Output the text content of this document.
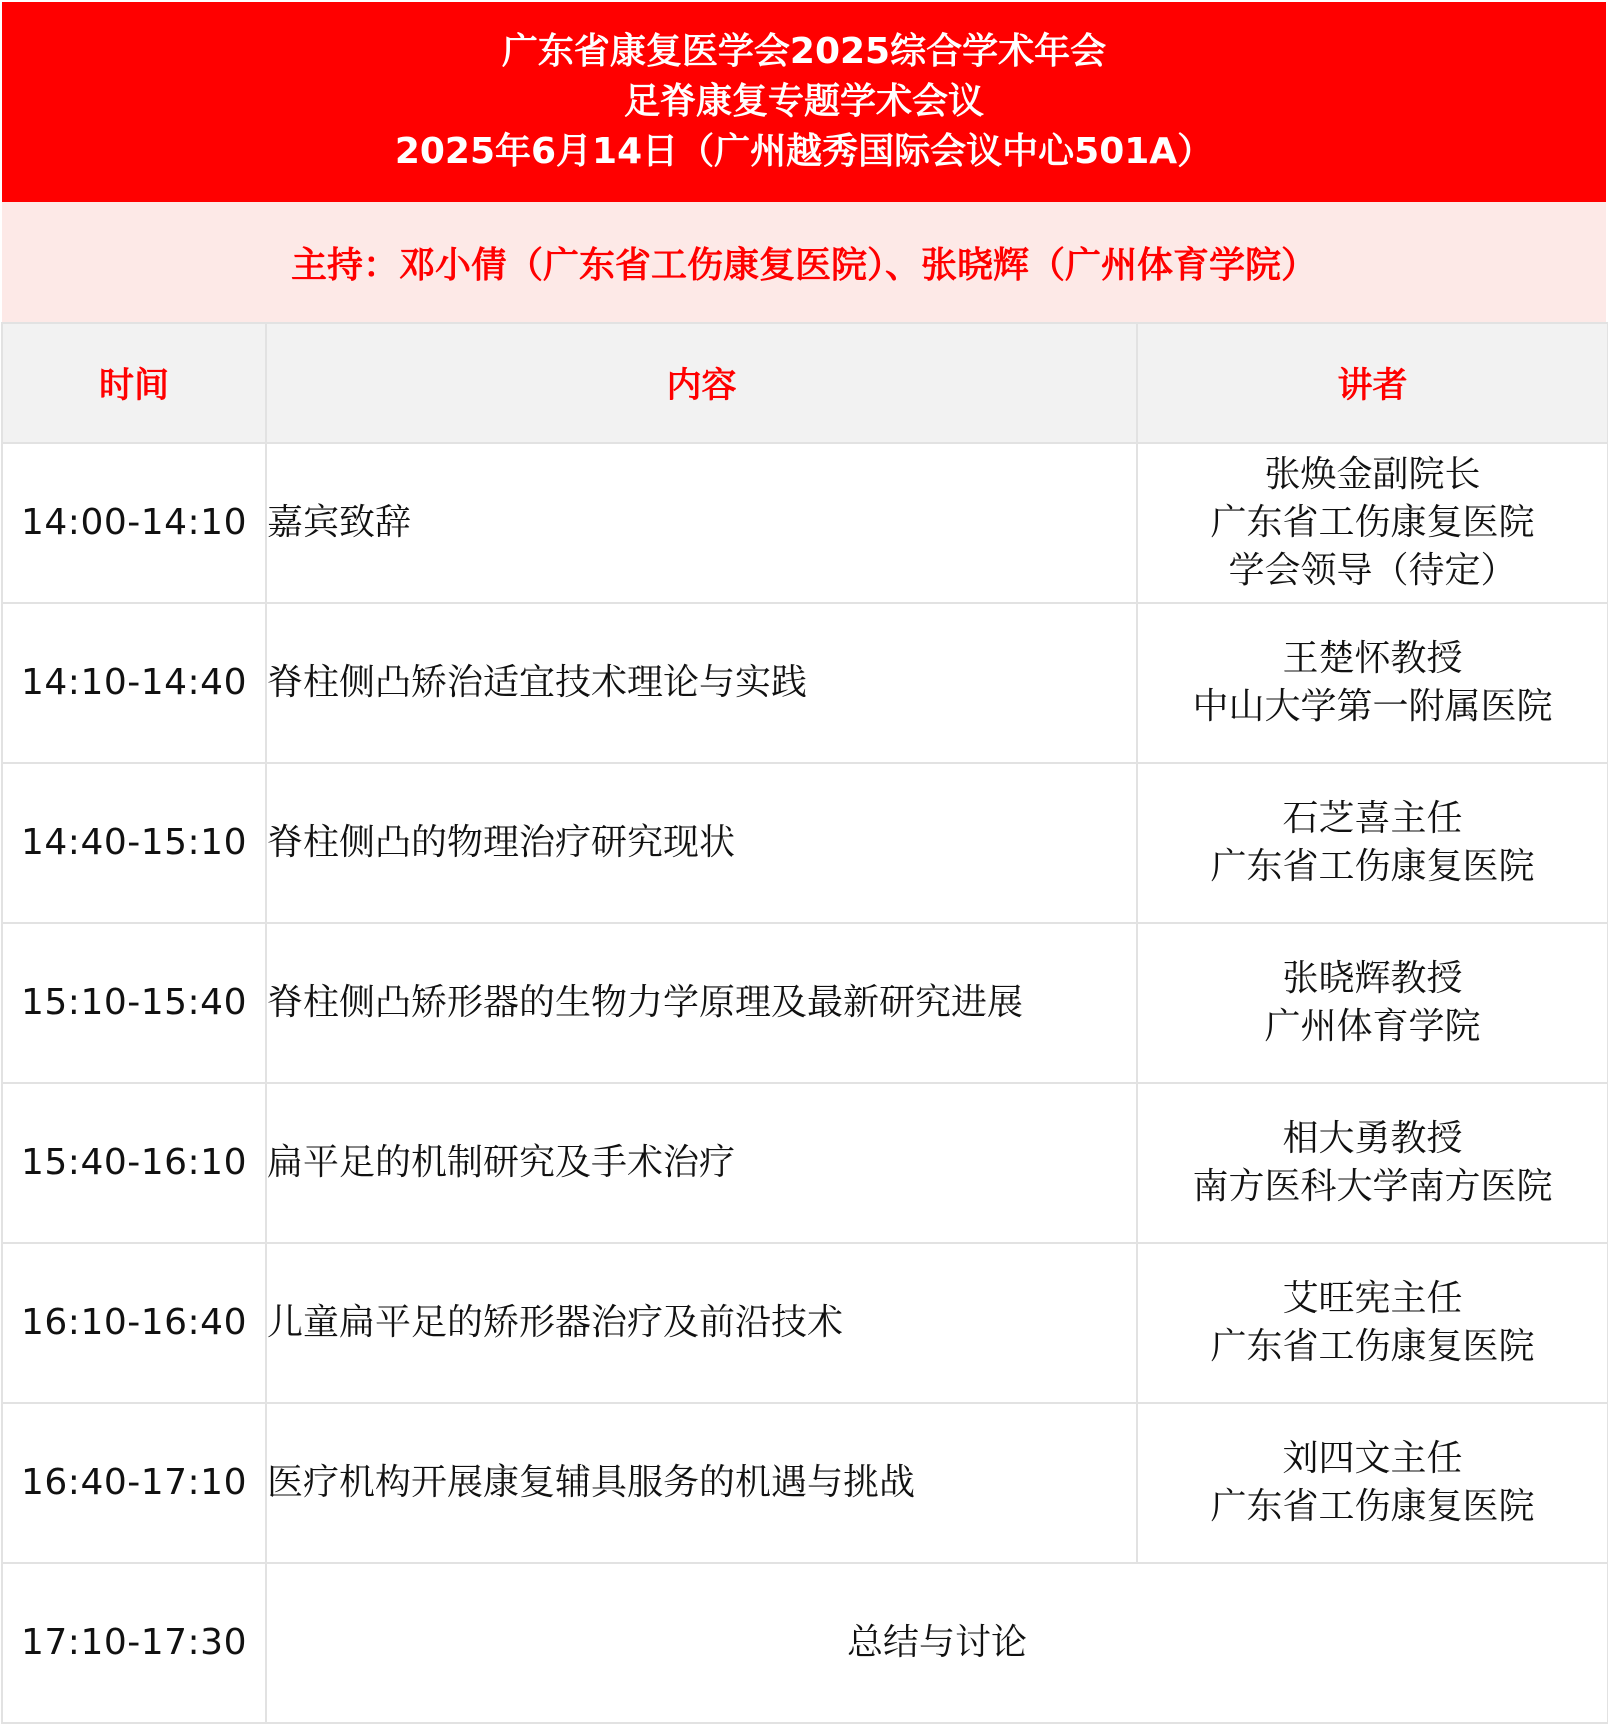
广东省康复医学会2025综合学术年会
足脊康复专题学术会议
2025年6月14日（广州越秀国际会议中心501A）
主持：邓小倩（广东省工伤康复医院）、张晓辉（广州体育学院）
时间	内容	讲者
14:00-14:10	嘉宾致辞	张焕金副院长
广东省工伤康复医院
学会领导（待定）

14:10-14:40	脊柱侧凸矫治适宜技术理论与实践	王楚怀教授
中山大学第一附属医院

14:40-15:10	脊柱侧凸的物理治疗研究现状	石芝喜主任
广东省工伤康复医院

15:10-15:40	脊柱侧凸矫形器的生物力学原理及最新研究进展	张晓辉教授
广州体育学院

15:40-16:10	扁平足的机制研究及手术治疗	相大勇教授
南方医科大学南方医院

16:10-16:40	儿童扁平足的矫形器治疗及前沿技术	艾旺宪主任
广东省工伤康复医院

16:40-17:10	医疗机构开展康复辅具服务的机遇与挑战	刘四文主任
广东省工伤康复医院

17:10-17:30	总结与讨论	
